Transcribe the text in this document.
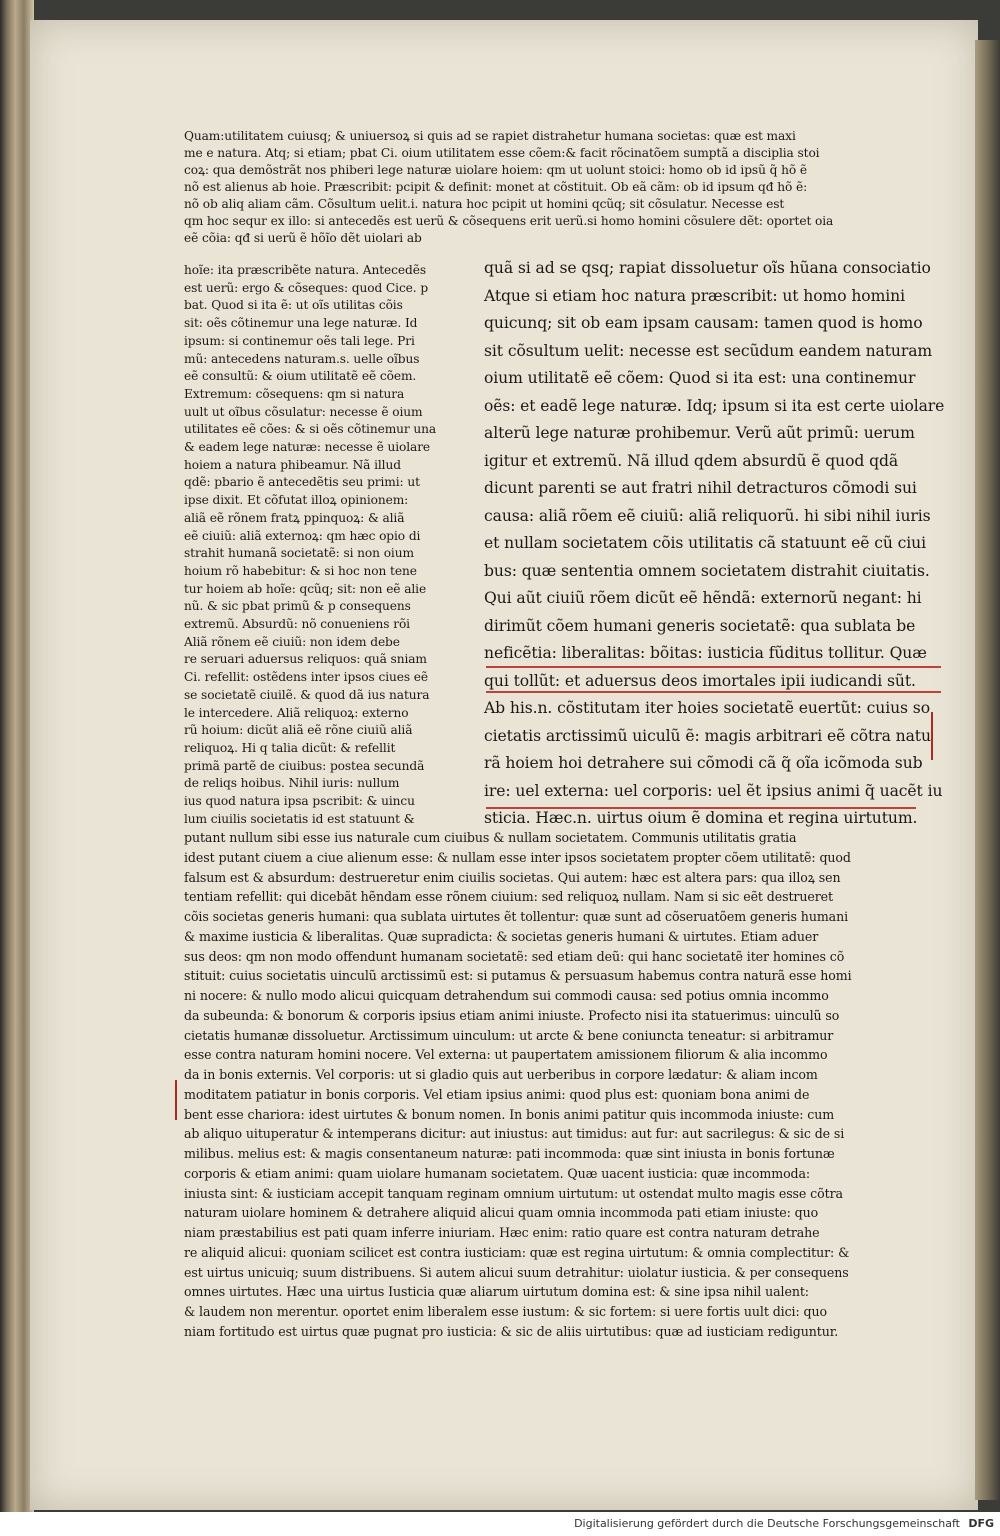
Quam:utilitatem cuiusq; & uniuersoꝝ si quis ad se rapiet distrahetur humana societas: quæ est maxi
me e natura. Atq; si etiam; pbat Ci. oium utilitatem esse cõem:& facit rõcinatõem sumptã a disciplia stoi
coꝝ: qua demõstrãt nos phiberi lege naturæ uiolare hoiem: qm ut uolunt stoici: homo ob id ipsũ q̃ hõ ẽ
nõ est alienus ab hoie. Præscribit: pcipit & definit: monet at cõstituit. Ob eã cãm: ob id ipsum qđ hõ ẽ:
nõ ob aliq aliam cãm. Cõsultum uelit.i. natura hoc pcipit ut homini qcũq; sit cõsulatur. Necesse est
qm hoc sequr ex illo: si antecedẽs est uerũ & cõsequens erit uerũ.si homo homini cõsulere dẽt: oportet oia
eẽ cõia: qđ si uerũ ẽ hõĩo dẽt uiolari ab
hoĩe: ita præscribẽte natura. Antecedẽs
est uerũ: ergo & cõseques: quod Cice. p
bat. Quod si ita ẽ: ut oĩs utilitas cõis
sit: oẽs cõtinemur una lege naturæ. Id
ipsum: si continemur oẽs tali lege. Pri
mũ: antecedens naturam.s. uelle oĩbus
eẽ consultũ: & oium utilitatẽ eẽ cõem.
Extremum: cõsequens: qm si natura
uult ut oĩbus cõsulatur: necesse ẽ oium
utilitates eẽ cões: & si oẽs cõtinemur una
& eadem lege naturæ: necesse ẽ uiolare
hoiem a natura phibeamur. Nã illud
qdẽ: pbario ẽ antecedẽtis seu primi: ut
ipse dixit. Et cõfutat illoꝝ opinionem:
aliã eẽ rõnem fratꝝ ppinquoꝝ: & aliã
eẽ ciuiũ: aliã externoꝝ: qm hæc opio di
strahit humanã societatẽ: si non oium
hoium rõ habebitur: & si hoc non tene
tur hoiem ab hoĩe: qcũq; sit: non eẽ alie
nũ. & sic pbat primũ & p consequens
extremũ. Absurdũ: nõ conueniens rõi
Aliã rõnem eẽ ciuiũ: non idem debe
re seruari aduersus reliquos: quã sniam
Ci. refellit: ostẽdens inter ipsos ciues eẽ
se societatẽ ciuilẽ. & quod dã ius natura
le intercedere. Aliã reliquoꝝ: externo
rũ hoium: dicũt aliã eẽ rõne ciuiũ aliã
reliquoꝝ. Hi q talia dicũt: & refellit
primã partẽ de ciuibus: postea secundã
de reliqs hoibus. Nihil iuris: nullum
ius quod natura ipsa pscribit: & uincu
lum ciuilis societatis id est statuunt &
quã si ad se qsq; rapiat dissoluetur oĩs hũana consociatio
Atque si etiam hoc natura præscribit: ut homo homini
quicunq; sit ob eam ipsam causam: tamen quod is homo
sit cõsultum uelit: necesse est secũdum eandem naturam
oium utilitatẽ eẽ cõem: Quod si ita est: una continemur
oẽs: et eadẽ lege naturæ. Idq; ipsum si ita est certe uiolare
alterũ lege naturæ prohibemur. Verũ aũt primũ: uerum
igitur et extremũ. Nã illud qdem absurdũ ẽ quod qdã
dicunt parenti se aut fratri nihil detracturos cõmodi sui
causa: aliã rõem eẽ ciuiũ: aliã reliquorũ. hi sibi nihil iuris
et nullam societatem cõis utilitatis cã statuunt eẽ cũ ciui
bus: quæ sententia omnem societatem distrahit ciuitatis.
Qui aũt ciuiũ rõem dicũt eẽ hẽndã: externorũ negant: hi
dirimũt cõem humani generis societatẽ: qua sublata be
neficẽtia: liberalitas: bõitas: iusticia fũditus tollitur. Quæ
qui tollũt: et aduersus deos imortales ipii iudicandi sũt.
Ab his.n. cõstitutam iter hoies societatẽ euertũt: cuius so
cietatis arctissimũ uiculũ ẽ: magis arbitrari eẽ cõtra natu
rã hoiem hoi detrahere sui cõmodi cã q̃ oĩa icõmoda sub
ire: uel externa: uel corporis: uel ẽt ipsius animi q̃ uacẽt iu
sticia. Hæc.n. uirtus oium ẽ domina et regina uirtutum.
putant nullum sibi esse ius naturale cum ciuibus & nullam societatem. Communis utilitatis gratia
idest putant ciuem a ciue alienum esse: & nullam esse inter ipsos societatem propter cõem utilitatẽ: quod
falsum est & absurdum: destrueretur enim ciuilis societas. Qui autem: hæc est altera pars: qua illoꝝ sen
tentiam refellit: qui dicebãt hẽndam esse rõnem ciuium: sed reliquoꝝ nullam. Nam si sic eẽt destrueret
cõis societas generis humani: qua sublata uirtutes ẽt tollentur: quæ sunt ad cõseruatõem generis humani
& maxime iusticia & liberalitas. Quæ supradicta: & societas generis humani & uirtutes. Etiam aduer
sus deos: qm non modo offendunt humanam societatẽ: sed etiam deũ: qui hanc societatẽ iter homines cõ
stituit: cuius societatis uinculũ arctissimũ est: si putamus & persuasum habemus contra naturã esse homi
ni nocere: & nullo modo alicui quicquam detrahendum sui commodi causa: sed potius omnia incommo
da subeunda: & bonorum & corporis ipsius etiam animi iniuste. Profecto nisi ita statuerimus: uinculũ so
cietatis humanæ dissoluetur. Arctissimum uinculum: ut arcte & bene coniuncta teneatur: si arbitramur
esse contra naturam homini nocere. Vel externa: ut paupertatem amissionem filiorum & alia incommo
da in bonis externis. Vel corporis: ut si gladio quis aut uerberibus in corpore lædatur: & aliam incom
moditatem patiatur in bonis corporis. Vel etiam ipsius animi: quod plus est: quoniam bona animi de
bent esse chariora: idest uirtutes & bonum nomen. In bonis animi patitur quis incommoda iniuste: cum
ab aliquo uituperatur & intemperans dicitur: aut iniustus: aut timidus: aut fur: aut sacrilegus: & sic de si
milibus. melius est: & magis consentaneum naturæ: pati incommoda: quæ sint iniusta in bonis fortunæ
corporis & etiam animi: quam uiolare humanam societatem. Quæ uacent iusticia: quæ incommoda:
iniusta sint: & iusticiam accepit tanquam reginam omnium uirtutum: ut ostendat multo magis esse cõtra
naturam uiolare hominem & detrahere aliquid alicui quam omnia incommoda pati etiam iniuste: quo
niam præstabilius est pati quam inferre iniuriam. Hæc enim: ratio quare est contra naturam detrahe
re aliquid alicui: quoniam scilicet est contra iusticiam: quæ est regina uirtutum: & omnia complectitur: &
est uirtus unicuiq; suum distribuens. Si autem alicui suum detrahitur: uiolatur iusticia. & per consequens
omnes uirtutes. Hæc una uirtus Iusticia quæ aliarum uirtutum domina est: & sine ipsa nihil ualent:
& laudem non merentur. oportet enim liberalem esse iustum: & sic fortem: si uere fortis uult dici: quo
niam fortitudo est uirtus quæ pugnat pro iusticia: & sic de aliis uirtutibus: quæ ad iusticiam rediguntur.
Digitalisierung gefördert durch die Deutsche Forschungsgemeinschaft DFG
